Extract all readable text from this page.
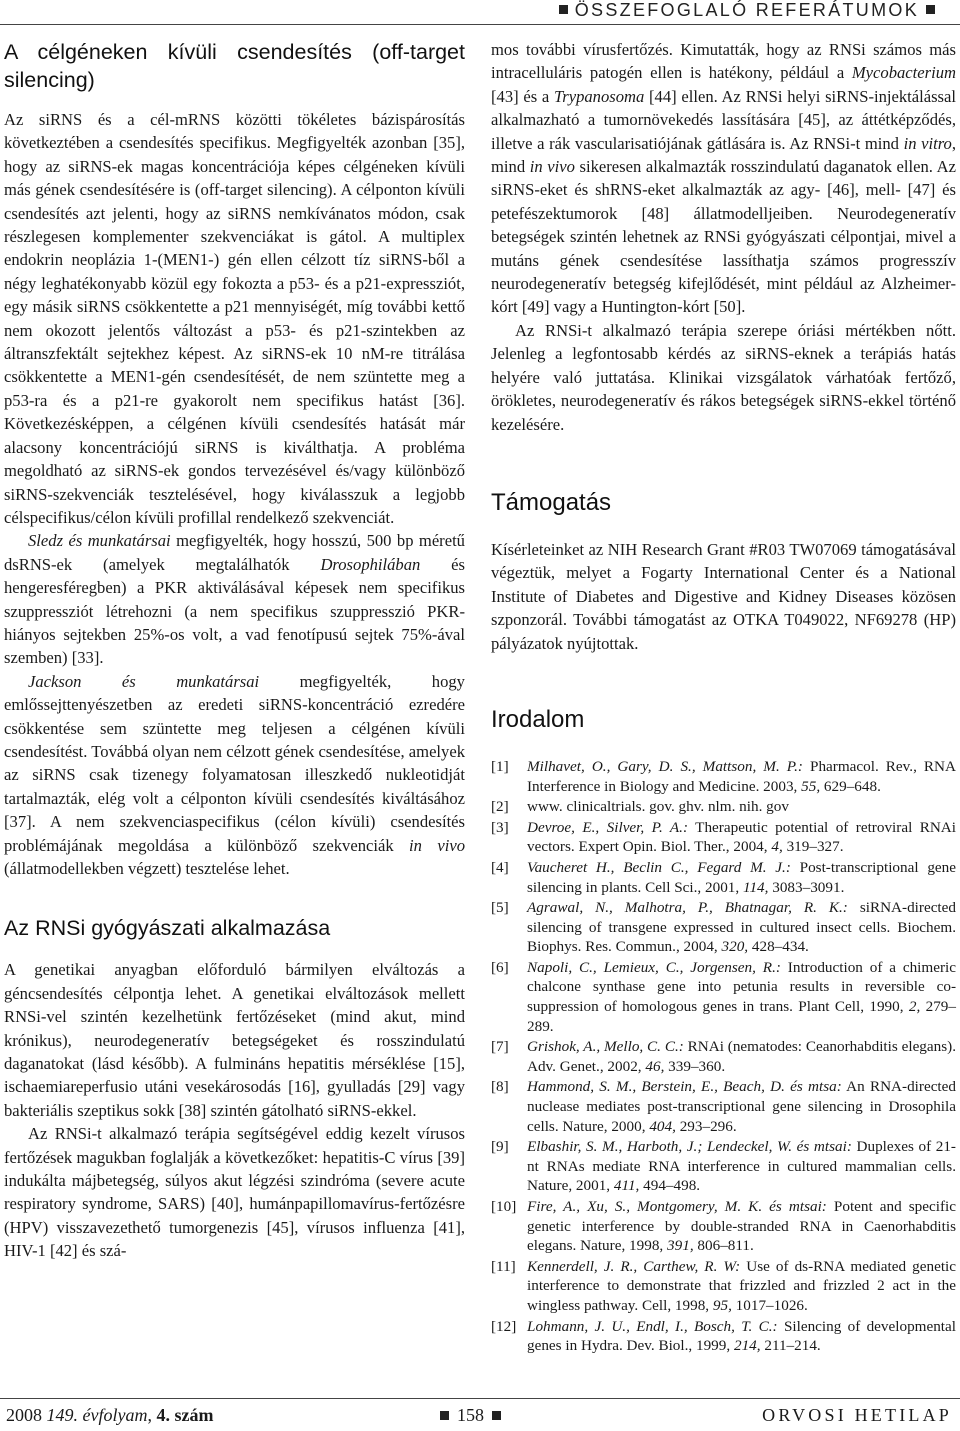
ÖSSZEFOGLALÓ REFERÁTUMOK
A célgéneken kívüli csendesítés (off-target silencing)

Az siRNS és a cél-mRNS közötti tökéletes bázispárosítás következtében a csendesítés specifikus. Megfigyelték azonban [35], hogy az siRNS-ek magas koncentrációja képes célgéneken kívüli más gének csendesítésére is (off-target silencing). A célponton kívüli csendesítés azt jelenti, hogy az siRNS nemkívánatos módon, csak részlegesen komplementer szekvenciákat is gátol. A multiplex endokrin neoplázia 1-(MEN1-) gén ellen célzott tíz siRNS-ből a négy leghatékonyabb közül egy fokozta a p53- és a p21-expressziót, egy másik siRNS csökkentette a p21 mennyiségét, míg további kettő nem okozott jelentős változást a p53- és p21-szintekben az áltranszfektált sejtekhez képest. Az siRNS-ek 10 nM-re titrálása csökkentette a MEN1-gén csendesítését, de nem szüntette meg a p53-ra és a p21-re gyakorolt nem specifikus hatást [36]. Következésképpen, a célgénen kívüli csendesítés hatását már alacsony koncentrációjú siRNS is kiválthatja. A probléma megoldható az siRNS-ek gondos tervezésével és/vagy különböző siRNS-szekvenciák tesztelésével, hogy kiválasszuk a legjobb célspecifikus/célon kívüli profillal rendelkező szekvenciát.

Sledz és munkatársai megfigyelték, hogy hosszú, 500 bp méretű dsRNS-ek (amelyek megtalálhatók Drosophilában és hengeresféregben) a PKR aktiválásával képesek nem specifikus szuppressziót létrehozni (a nem specifikus szuppresszió PKR-hiányos sejtekben 25%-os volt, a vad fenotípusú sejtek 75%-ával szemben) [33].

Jackson és munkatársai megfigyelték, hogy emlőssejttenyészetben az eredeti siRNS-koncentráció ezredére csökkentése sem szüntette meg teljesen a célgénen kívüli csendesítést. Továbbá olyan nem célzott gének csendesítése, amelyek az siRNS csak tizenegy folyamatosan illeszkedő nukleotidját tartalmazták, elég volt a célponton kívüli csendesítés kiváltásához [37]. A nem szekvenciaspecifikus (célon kívüli) csendesítés problémájának megoldása a különböző szekvenciák in vivo (állatmodellekben végzett) tesztelése lehet.

Az RNSi gyógyászati alkalmazása

A genetikai anyagban előforduló bármilyen elváltozás a géncsendesítés célpontja lehet. A genetikai elváltozások mellett RNSi-vel szintén kezelhetünk fertőzéseket (mind akut, mind krónikus), neurodegeneratív betegségeket és rosszindulatú daganatokat (lásd később). A fulmináns hepatitis mérséklése [15], ischaemiareperfusio utáni vesekárosodás [16], gyulladás [29] vagy bakteriális szeptikus sokk [38] szintén gátolható siRNS-ekkel.

Az RNSi-t alkalmazó terápia segítségével eddig kezelt vírusos fertőzések magukban foglalják a következőket: hepatitis-C vírus [39] indukálta májbetegség, súlyos akut légzési szindróma (severe acute respiratory syndrome, SARS) [40], humánpapillomavírus-fertőzésre (HPV) visszavezethető tumorgenezis [45], vírusos influenza [41], HIV-1 [42] és szá-

mos további vírusfertőzés. Kimutatták, hogy az RNSi számos más intracelluláris patogén ellen is hatékony, például a Mycobacterium [43] és a Trypanosoma [44] ellen. Az RNSi helyi siRNS-injektálással alkalmazható a tumornövekedés lassítására [45], az áttétképződés, illetve a rák vascularisatiójának gátlására is. Az RNSi-t mind in vitro, mind in vivo sikeresen alkalmazták rosszindulatú daganatok ellen. Az siRNS-eket és shRNS-eket alkalmazták az agy- [46], mell- [47] és petefészektumorok [48] állatmodelljeiben. Neurodegeneratív betegségek szintén lehetnek az RNSi gyógyászati célpontjai, mivel a mutáns gének csendesítése lassíthatja számos progresszív neurodegeneratív betegség kifejlődését, mint például az Alzheimer-kórt [49] vagy a Huntington-kórt [50].

Az RNSi-t alkalmazó terápia szerepe óriási mértékben nőtt. Jelenleg a legfontosabb kérdés az siRNS-eknek a terápiás hatás helyére való juttatása. Klinikai vizsgálatok várhatóak fertőző, örökletes, neurodegeneratív és rákos betegségek siRNS-ekkel történő kezelésére.

Támogatás

Kísérleteinket az NIH Research Grant #R03 TW07069 támogatásával végeztük, melyet a Fogarty International Center és a National Institute of Diabetes and Digestive and Kidney Diseases közösen szponzorál. További támogatást az OTKA T049022, NF69278 (HP) pályázatok nyújtottak.

Irodalom
[1]	Milhavet, O., Gary, D. S., Mattson, M. P.: Pharmacol. Rev., RNA Interference in Biology and Medicine. 2003, 55, 629–648.
[2]	www. clinicaltrials. gov. ghv. nlm. nih. gov
[3]	Devroe, E., Silver, P. A.: Therapeutic potential of retroviral RNAi vectors. Expert Opin. Biol. Ther., 2004, 4, 319–327.
[4]	Vaucheret H., Beclin C., Fegard M. J.: Post-transcriptional gene silencing in plants. Cell Sci., 2001, 114, 3083–3091.
[5]	Agrawal, N., Malhotra, P., Bhatnagar, R. K.: siRNA-directed silencing of transgene expressed in cultured insect cells. Biochem. Biophys. Res. Commun., 2004, 320, 428–434.
[6]	Napoli, C., Lemieux, C., Jorgensen, R.: Introduction of a chimeric chalcone synthase gene into petunia results in reversible co-suppression of homologous genes in trans. Plant Cell, 1990, 2, 279–289.
[7]	Grishok, A., Mello, C. C.: RNAi (nematodes: Ceanorhabditis elegans). Adv. Genet., 2002, 46, 339–360.
[8]	Hammond, S. M., Berstein, E., Beach, D. és mtsa: An RNA-directed nuclease mediates post-transcriptional gene silencing in Drosophila cells. Nature, 2000, 404, 293–296.
[9]	Elbashir, S. M., Harboth, J.; Lendeckel, W. és mtsai: Duplexes of 21-nt RNAs mediate RNA interference in cultured mammalian cells. Nature, 2001, 411, 494–498.
[10] Fire, A., Xu, S., Montgomery, M. K. és mtsai: Potent and specific genetic interference by double-stranded RNA in Caenorhabditis elegans. Nature, 1998, 391, 806–811.
[11] Kennerdell, J. R., Carthew, R. W: Use of ds-RNA mediated genetic interference to demonstrate that frizzled and frizzled 2 act in the wingless pathway. Cell, 1998, 95, 1017–1026.
[12] Lohmann, J. U., Endl, I., Bosch, T. C.: Silencing of developmental genes in Hydra. Dev. Biol., 1999, 214, 211–214.
2008 149. évfolyam, 4. szám	158	ORVOSI HETILAP
